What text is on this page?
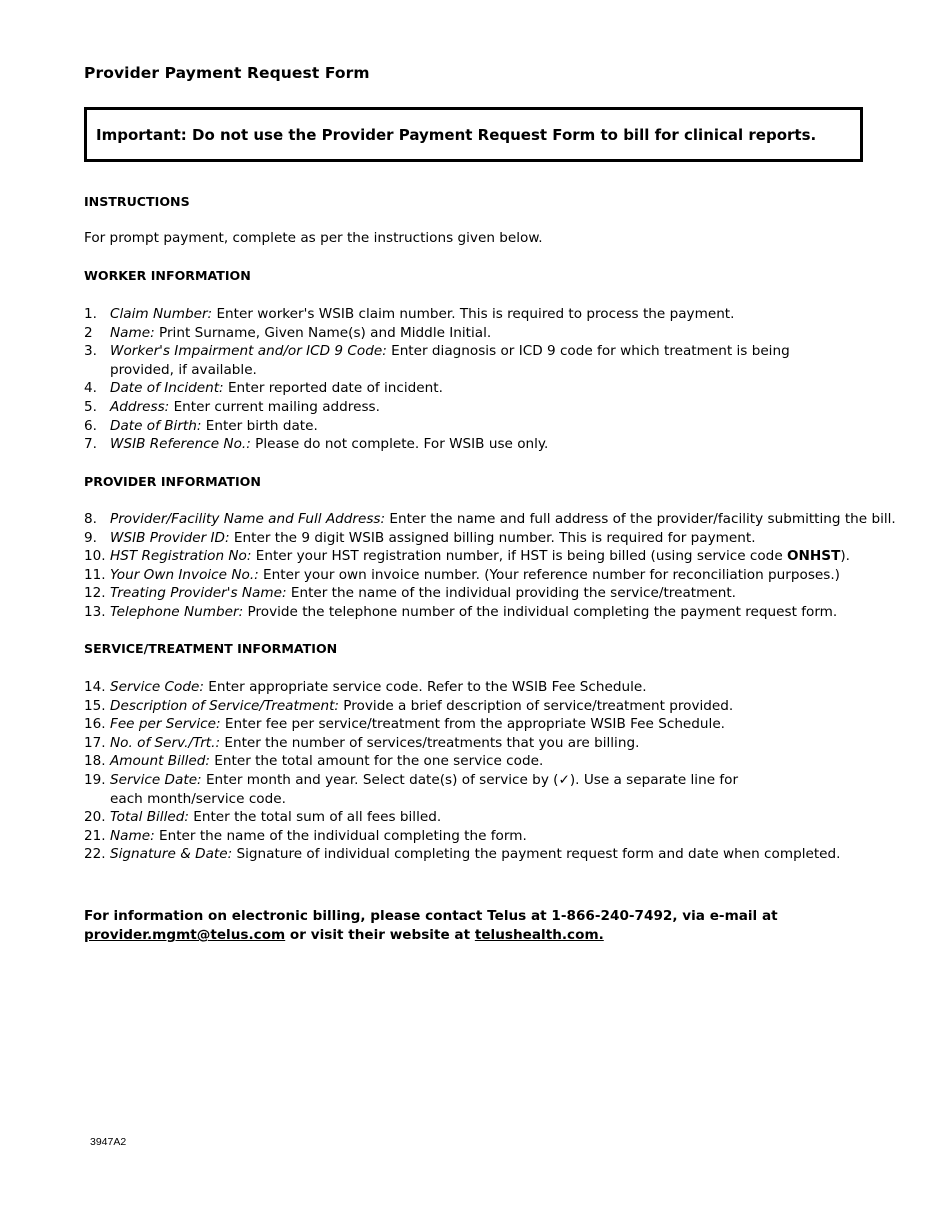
Provider Payment Request Form
Important: Do not use the Provider Payment Request Form to bill for clinical reports.
INSTRUCTIONS

For prompt payment, complete as per the instructions given below.

WORKER INFORMATION
1. Claim Number: Enter worker's WSIB claim number. This is required to process the payment.
2	Name: Print Surname, Given Name(s) and Middle Initial.
3. Worker's Impairment and/or ICD 9 Code: Enter diagnosis or ICD 9 code for which treatment is being provided, if available.
4. Date of Incident: Enter reported date of incident.
5. Address: Enter current mailing address.
6. Date of Birth: Enter birth date.
7. WSIB Reference No.: Please do not complete. For WSIB use only.
PROVIDER INFORMATION
8. Provider/Facility Name and Full Address: Enter the name and full address of the provider/facility submitting the bill.
9. WSIB Provider ID: Enter the 9 digit WSIB assigned billing number. This is required for payment.
10. HST Registration No: Enter your HST registration number, if HST is being billed (using service code ONHST).
11. Your Own Invoice No.: Enter your own invoice number. (Your reference number for reconciliation purposes.)
12. Treating Provider's Name: Enter the name of the individual providing the service/treatment.
13. Telephone Number: Provide the telephone number of the individual completing the payment request form.
SERVICE/TREATMENT INFORMATION
14. Service Code: Enter appropriate service code. Refer to the WSIB Fee Schedule.
15. Description of Service/Treatment: Provide a brief description of service/treatment provided.
16. Fee per Service: Enter fee per service/treatment from the appropriate WSIB Fee Schedule.
17. No. of Serv./Trt.: Enter the number of services/treatments that you are billing.
18. Amount Billed: Enter the total amount for the one service code.
19. Service Date: Enter month and year. Select date(s) of service by (✓). Use a separate line for each month/service code.
20. Total Billed: Enter the total sum of all fees billed.
21. Name: Enter the name of the individual completing the form.
22. Signature & Date: Signature of individual completing the payment request form and date when completed.

For information on electronic billing, please contact Telus at 1-866-240-7492, via e-mail at provider.mgmt@telus.com or visit their website at telushealth.com.

3947A2
